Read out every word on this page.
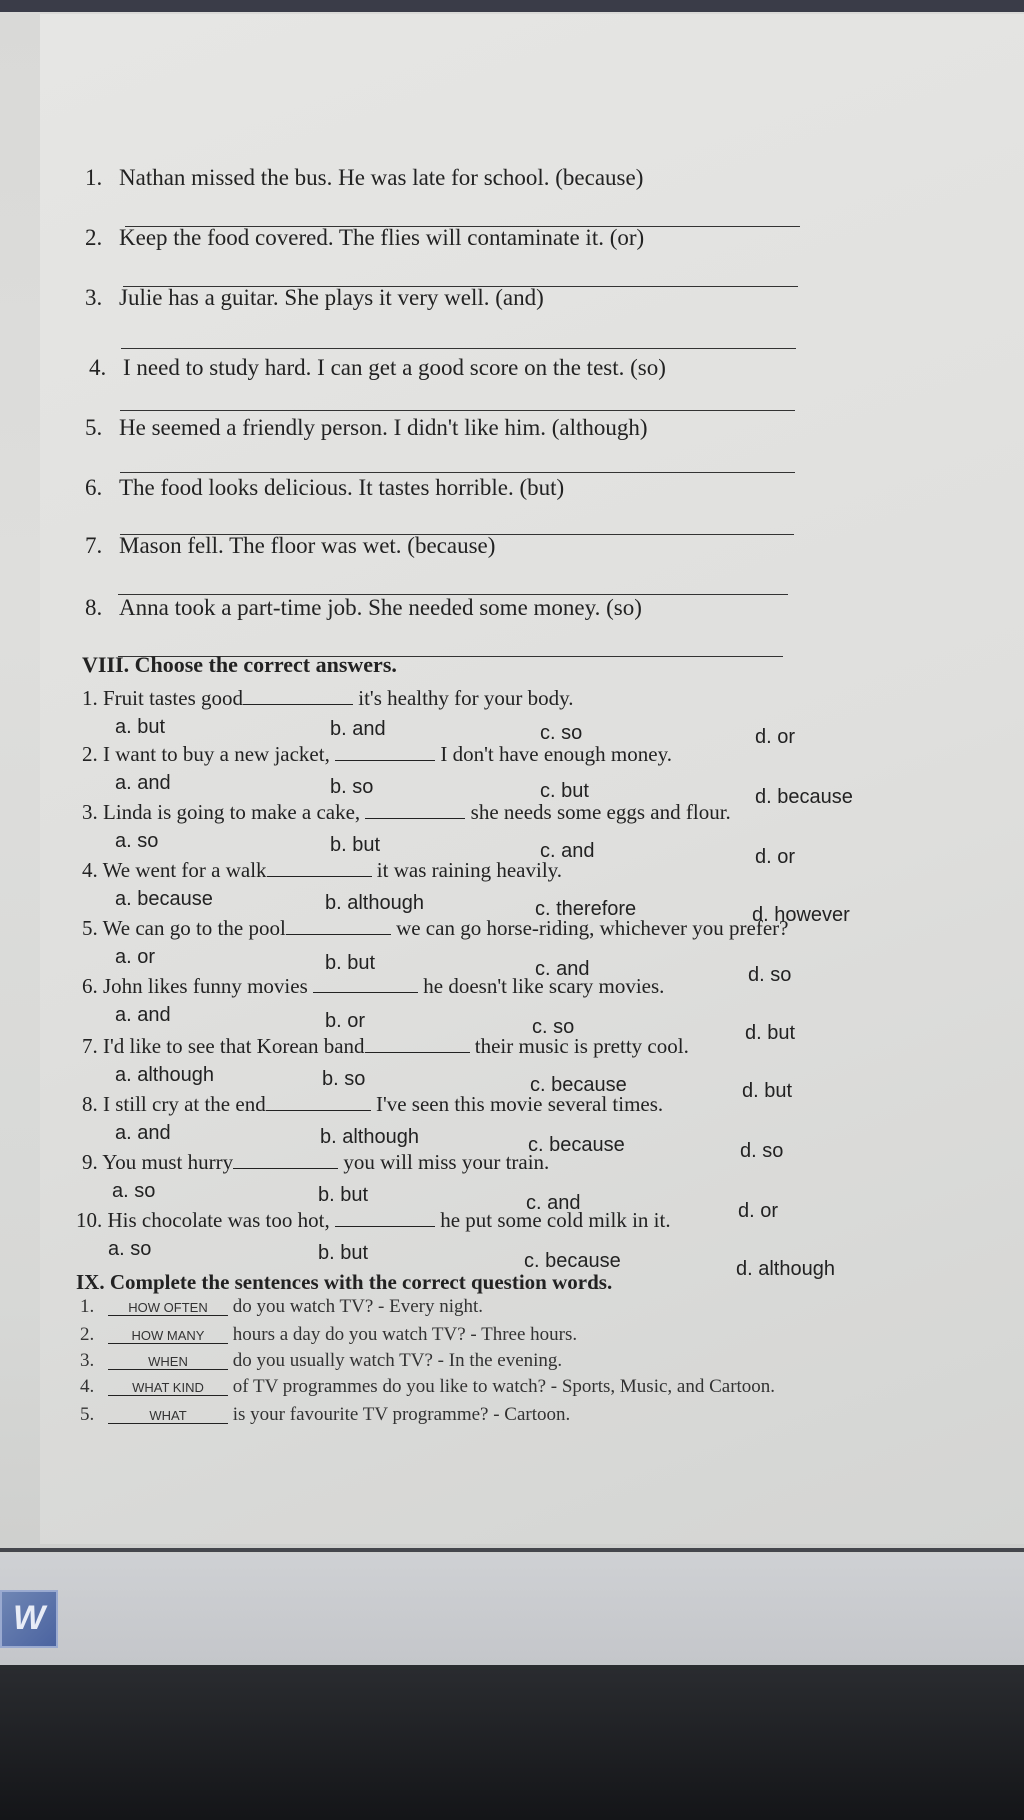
1. Nathan missed the bus. He was late for school. (because)
2. Keep the food covered. The flies will contaminate it. (or)
3. Julie has a guitar. She plays it very well. (and)
4. I need to study hard. I can get a good score on the test. (so)
5. He seemed a friendly person. I didn't like him. (although)
6. The food looks delicious. It tastes horrible. (but)
7. Mason fell. The floor was wet. (because)
8. Anna took a part-time job. She needed some money. (so)
VIII. Choose the correct answers.
1. Fruit tastes good	it's healthy for your body.
a. but	b. and	c. so	d. or
2. I want to buy a new jacket,	I don't have enough money.
a. and	b. so	c. but	d. because
3. Linda is going to make a cake,	she needs some eggs and flour.
a. so	b. but	c. and	d. or
4. We went for a walk	it was raining heavily.
a. because	b. although	c. therefore	d. however
5. We can go to the pool	we can go horse-riding, whichever you prefer?
a. or	b. but	c. and	d. so
6. John likes funny movies	he doesn't like scary movies.
a. and	b. or	c. so	d. but
7. I'd like to see that Korean band	their music is pretty cool.
a. although	b. so	c. because	d. but
8. I still cry at the end	I've seen this movie several times.
a. and	b. although	c. because	d. so
9. You must hurry	you will miss your train.
a. so	b. but	c. and	d. or
10. His chocolate was too hot,	he put some cold milk in it.
a. so	b. but	c. because	d. although
IX. Complete the sentences with the correct question words.
1.	HOW OFTEN do you watch TV? - Every night.
2.	HOW MANY hours a day do you watch TV? - Three hours.
3.	WHEN do you usually watch TV? - In the evening.
4.	WHAT KIND of TV programmes do you like to watch? - Sports, Music, and Cartoon.
5.	WHAT is your favourite TV programme? - Cartoon.
W
